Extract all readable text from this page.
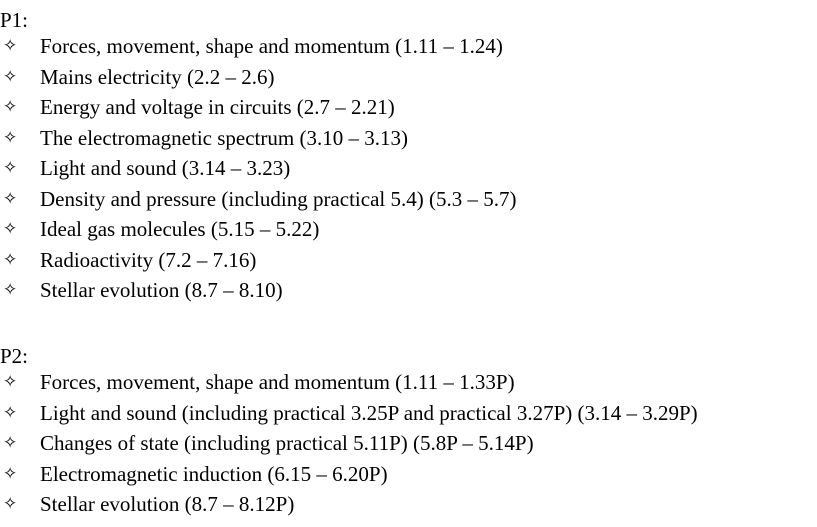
P1:
✧	Forces, movement, shape and momentum (1.11 – 1.24)
✧	Mains electricity (2.2 – 2.6)
✧	Energy and voltage in circuits (2.7 – 2.21)
✧	The electromagnetic spectrum (3.10 – 3.13)
✧	Light and sound (3.14 – 3.23)
✧	Density and pressure (including practical 5.4) (5.3 – 5.7)
✧	Ideal gas molecules (5.15 – 5.22)
✧	Radioactivity (7.2 – 7.16)
✧	Stellar evolution (8.7 – 8.10)
P2:
✧	Forces, movement, shape and momentum (1.11 – 1.33P)
✧	Light and sound (including practical 3.25P and practical 3.27P) (3.14 – 3.29P)
✧	Changes of state (including practical 5.11P) (5.8P – 5.14P)
✧	Electromagnetic induction (6.15 – 6.20P)
✧	Stellar evolution (8.7 – 8.12P)
